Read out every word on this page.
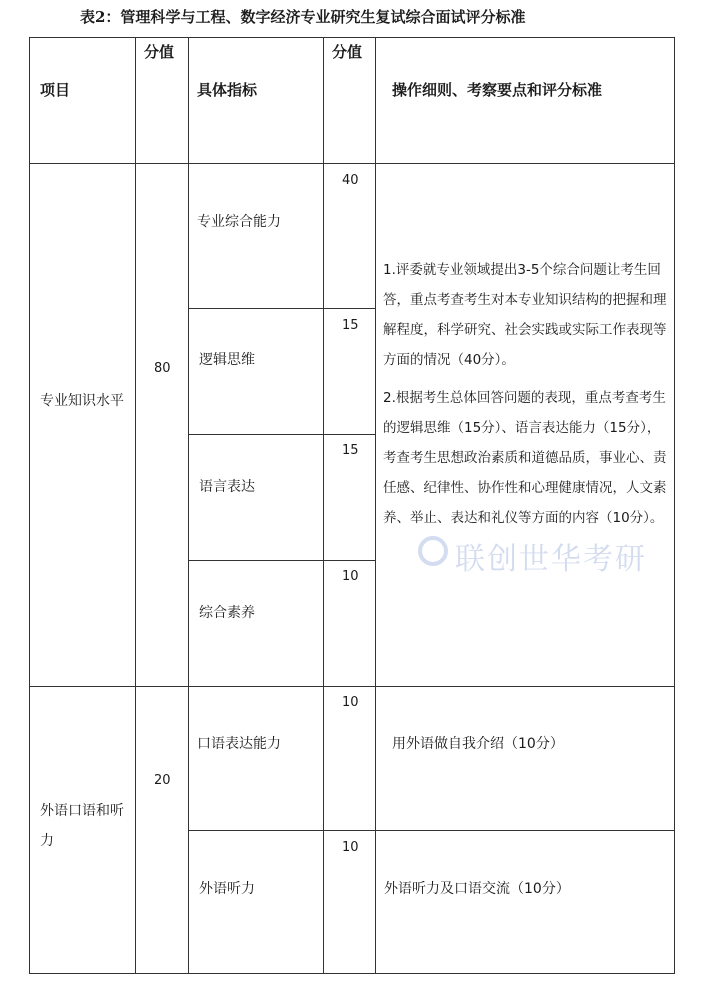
表2：管理科学与工程、数字经济专业研究生复试综合面试评分标准
项目
分值
具体指标
分值
操作细则、考察要点和评分标准
专业知识水平
80
专业综合能力
40
逻辑思维
15
语言表达
15
综合素养
10

1.评委就专业领域提出3-5个综合问题让考生回答，重点考查考生对本专业知识结构的把握和理解程度，科学研究、社会实践或实际工作表现等方面的情况（40分）。

2.根据考生总体回答问题的表现，重点考查考生的逻辑思维（15分）、语言表达能力（15分），考查考生思想政治素质和道德品质，事业心、责任感、纪律性、协作性和心理健康情况，人文素养、举止、表达和礼仪等方面的内容（10分）。

联创世华考研
外语口语和听力
20
口语表达能力
10
用外语做自我介绍（10分）
外语听力
10
外语听力及口语交流（10分）
